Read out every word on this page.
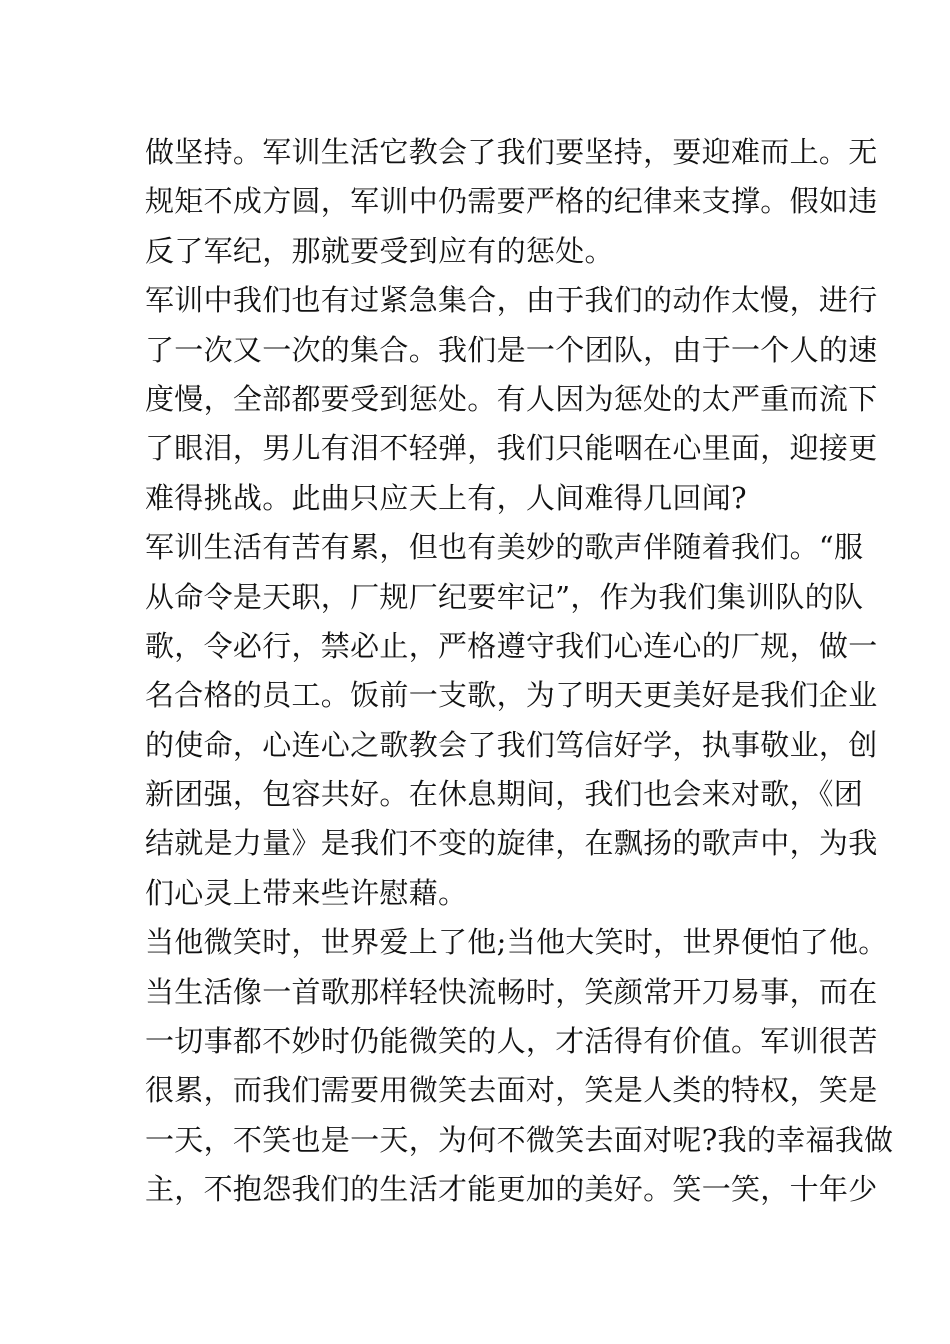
做坚持。军训生活它教会了我们要坚持，要迎难而上。无
规矩不成方圆，军训中仍需要严格的纪律来支撑。假如违
反了军纪，那就要受到应有的惩处。
军训中我们也有过紧急集合，由于我们的动作太慢，进行
了一次又一次的集合。我们是一个团队，由于一个人的速
度慢，全部都要受到惩处。有人因为惩处的太严重而流下
了眼泪，男儿有泪不轻弹，我们只能咽在心里面，迎接更
难得挑战。此曲只应天上有，人间难得几回闻?
军训生活有苦有累，但也有美妙的歌声伴随着我们。“服
从命令是天职，厂规厂纪要牢记”，作为我们集训队的队
歌，令必行，禁必止，严格遵守我们心连心的厂规，做一
名合格的员工。饭前一支歌，为了明天更美好是我们企业
的使命，心连心之歌教会了我们笃信好学，执事敬业，创
新团强，包容共好。在休息期间，我们也会来对歌，《团
结就是力量》是我们不变的旋律，在飘扬的歌声中，为我
们心灵上带来些许慰藉。
当他微笑时，世界爱上了他;当他大笑时，世界便怕了他。
当生活像一首歌那样轻快流畅时，笑颜常开刀易事，而在
一切事都不妙时仍能微笑的人，才活得有价值。军训很苦
很累，而我们需要用微笑去面对，笑是人类的特权，笑是
一天，不笑也是一天，为何不微笑去面对呢?我的幸福我做
主，不抱怨我们的生活才能更加的美好。笑一笑，十年少
